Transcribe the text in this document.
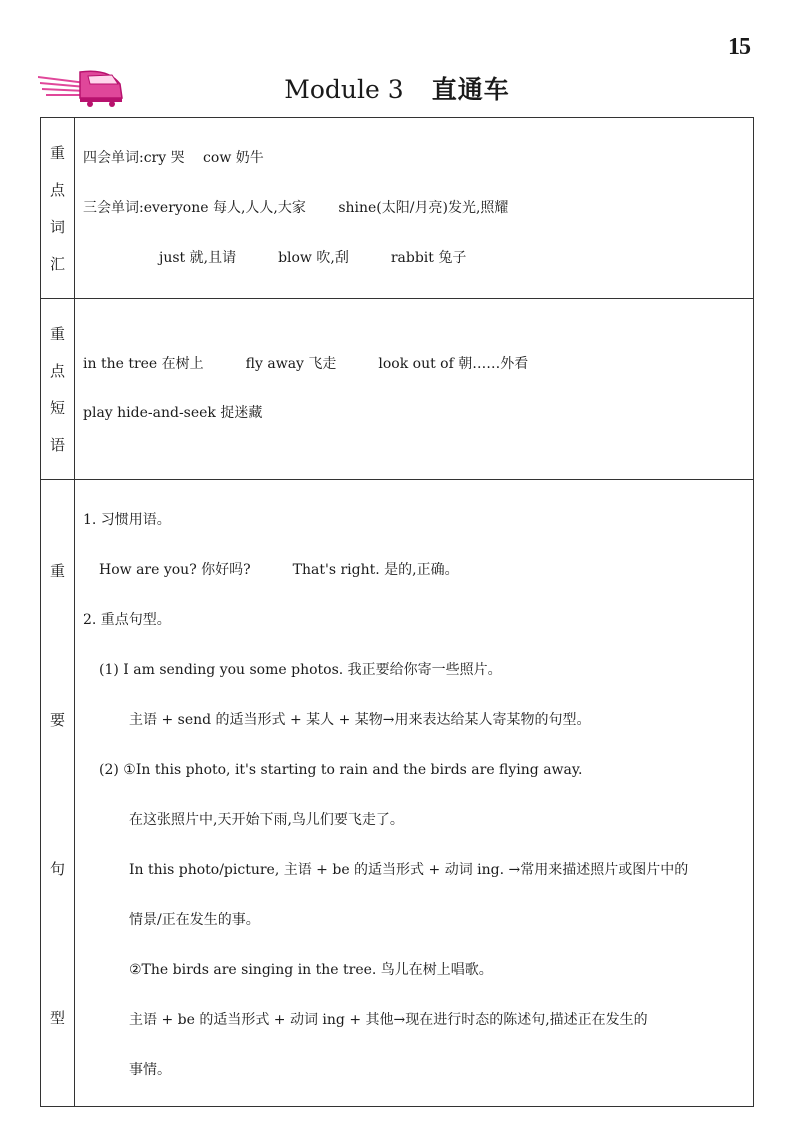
15
Module 3 直通车
重
点
词
汇
四会单词:cry 哭　 cow 奶牛
三会单词:everyone 每人,人人,大家　　 shine(太阳/月亮)发光,照耀
just 就,且请　　　blow 吹,刮　　　rabbit 兔子
重
点
短
语
in the tree 在树上　　　fly away 飞走　　　look out of 朝……外看
play hide-and-seek 捉迷藏
重
要
句
型
1. 习惯用语。
How are you? 你好吗?　　　That's right. 是的,正确。
2. 重点句型。
(1) I am sending you some photos. 我正要给你寄一些照片。
主语 + send 的适当形式 + 某人 + 某物→用来表达给某人寄某物的句型。
(2) ①In this photo, it's starting to rain and the birds are flying away.
在这张照片中,天开始下雨,鸟儿们要飞走了。
In this photo/picture, 主语 + be 的适当形式 + 动词 ing. →常用来描述照片或图片中的
情景/正在发生的事。
②The birds are singing in the tree. 鸟儿在树上唱歌。
主语 + be 的适当形式 + 动词 ing + 其他→现在进行时态的陈述句,描述正在发生的
事情。
